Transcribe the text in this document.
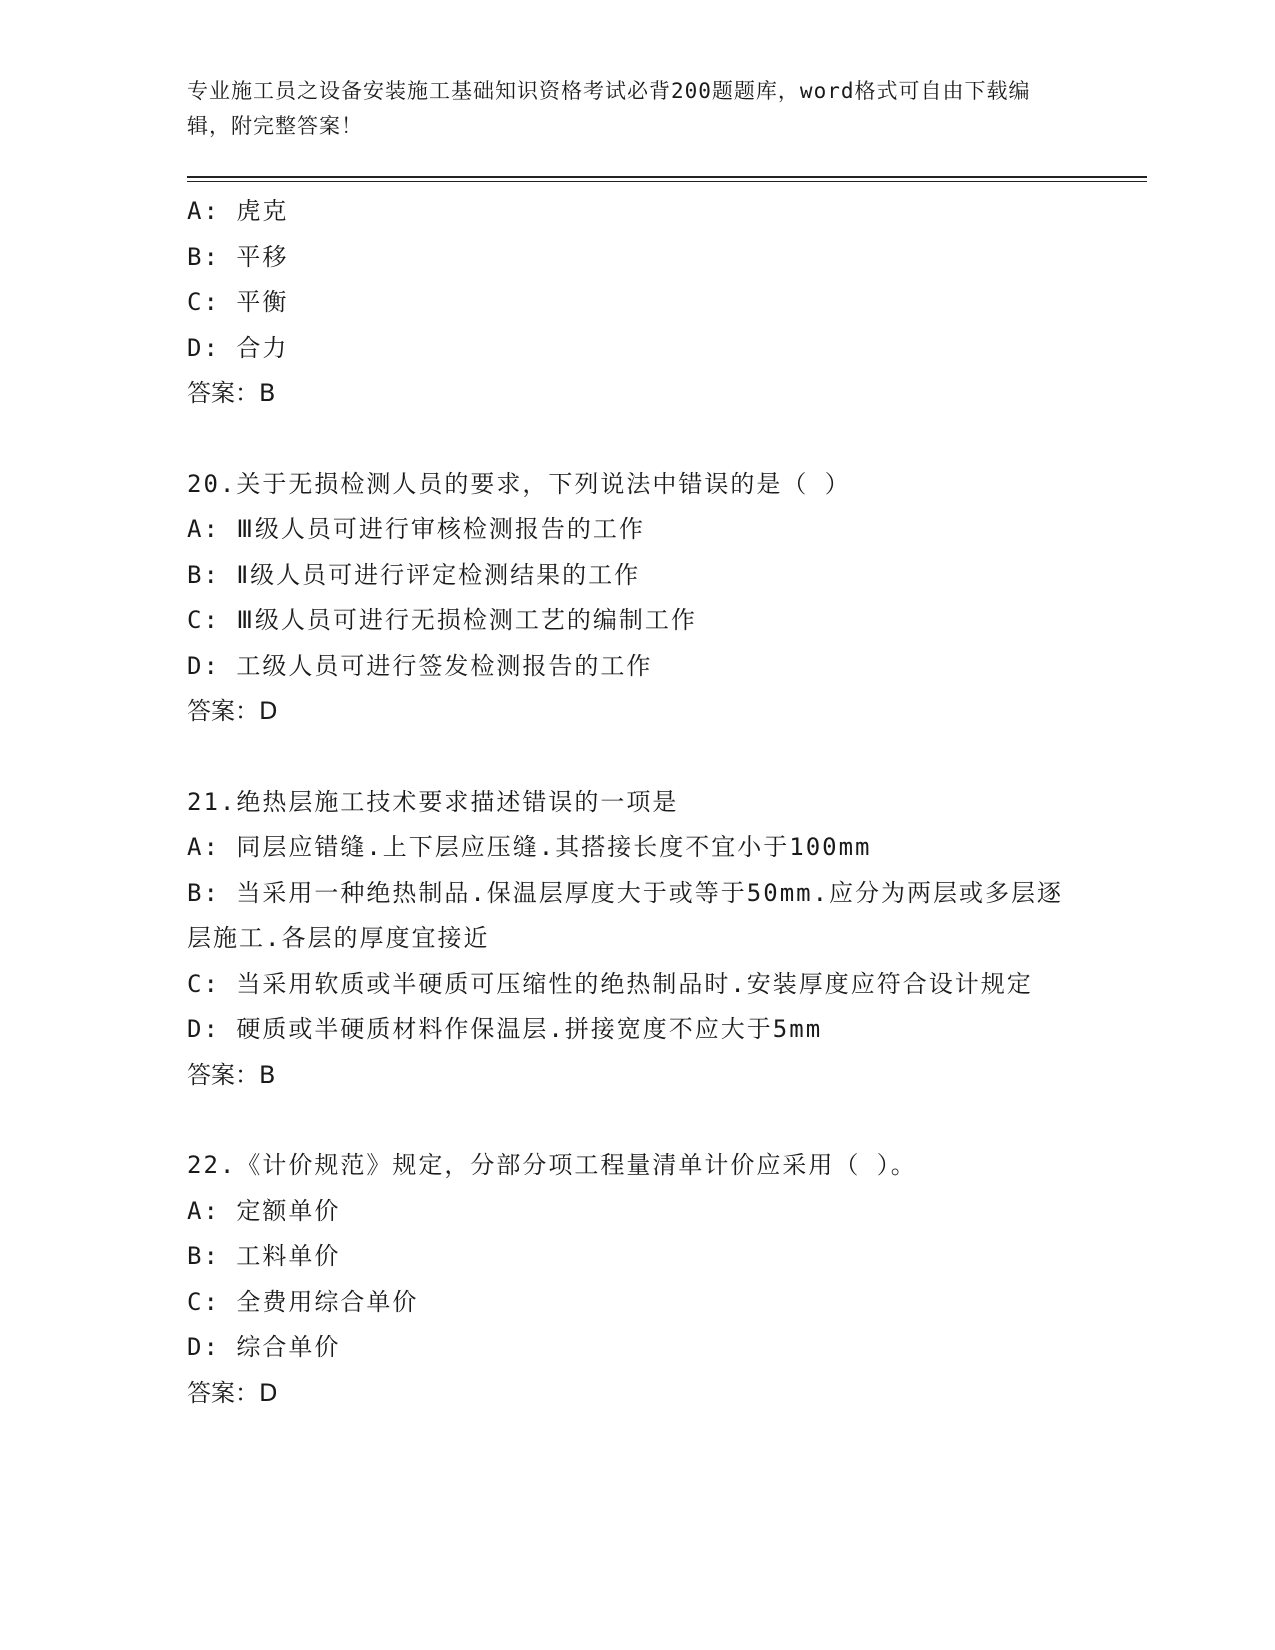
专业施工员之设备安装施工基础知识资格考试必背200题题库，word格式可自由下载编辑，附完整答案！
A: 虎克
B: 平移
C: 平衡
D: 合力
答案：B
20.关于无损检测人员的要求，下列说法中错误的是（ ）
A: Ⅲ级人员可进行审核检测报告的工作
B: Ⅱ级人员可进行评定检测结果的工作
C: Ⅲ级人员可进行无损检测工艺的编制工作
D: 工级人员可进行签发检测报告的工作
答案：D
21.绝热层施工技术要求描述错误的一项是
A: 同层应错缝.上下层应压缝.其搭接长度不宜小于100mm
B: 当采用一种绝热制品.保温层厚度大于或等于50mm.应分为两层或多层逐层施工.各层的厚度宜接近
C: 当采用软质或半硬质可压缩性的绝热制品时.安装厚度应符合设计规定
D: 硬质或半硬质材料作保温层.拼接宽度不应大于5mm
答案：B
22.《计价规范》规定，分部分项工程量清单计价应采用（ ）。
A: 定额单价
B: 工料单价
C: 全费用综合单价
D: 综合单价
答案：D
